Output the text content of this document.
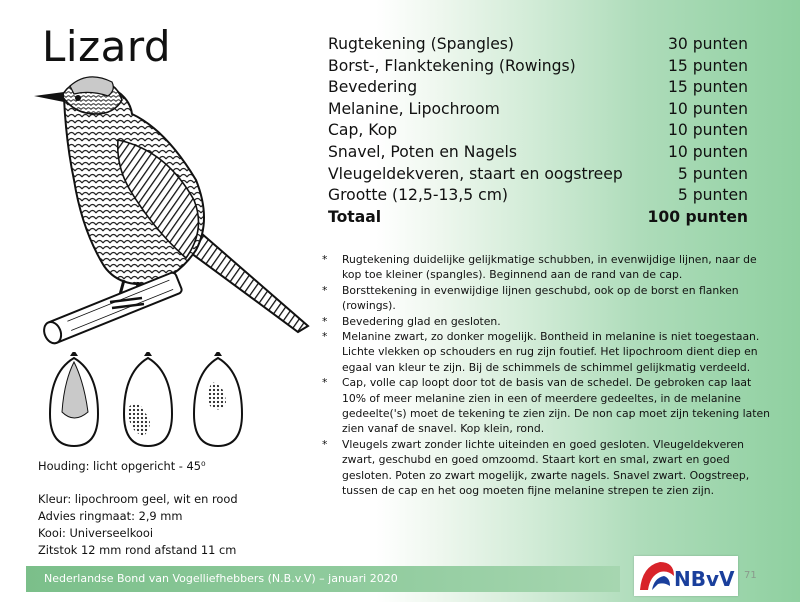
Lizard
Houding: licht opgericht - 45⁰
Kleur: lipochroom geel, wit en rood
Advies ringmaat: 2,9 mm
Kooi: Universeelkooi
Zitstok 12 mm rond afstand 11 cm
Rugtekening (Spangles)	30 punten
Borst-, Flanktekening (Rowings)	15 punten
Bevedering	15 punten
Melanine, Lipochroom	10 punten
Cap, Kop	10 punten
Snavel, Poten en Nagels	10 punten
Vleugeldekveren, staart en oogstreep	5 punten
Grootte (12,5-13,5 cm)	5 punten
Totaal	100 punten
* Rugtekening duidelijke gelijkmatige schubben, in evenwijdige lijnen, naar de kop toe kleiner (spangles). Beginnend aan de rand van de cap.
* Borsttekening in evenwijdige lijnen geschubd, ook op de borst en flanken (rowings).
* Bevedering glad en gesloten.
* Melanine zwart, zo donker mogelijk. Bontheid in melanine is niet toegestaan. Lichte vlekken op schouders en rug zijn foutief. Het lipochroom dient diep en egaal van kleur te zijn. Bij de schimmels de schimmel gelijkmatig verdeeld.
* Cap, volle cap loopt door tot de basis van de schedel. De gebroken cap laat 10% of meer melanine zien in een of meerdere gedeeltes, in de melanine gedeelte('s) moet de tekening te zien zijn. De non cap moet zijn tekening laten zien vanaf de snavel. Kop klein, rond.
* Vleugels zwart zonder lichte uiteinden en goed gesloten. Vleugeldekveren zwart, geschubd en goed omzoomd. Staart kort en smal, zwart en goed gesloten. Poten zo zwart mogelijk, zwarte nagels. Snavel zwart. Oogstreep, tussen de cap en het oog moeten fijne melanine strepen te zien zijn.
Nederlandse Bond van Vogelliefhebbers (N.B.v.V) – januari 2020	NBvV 71
